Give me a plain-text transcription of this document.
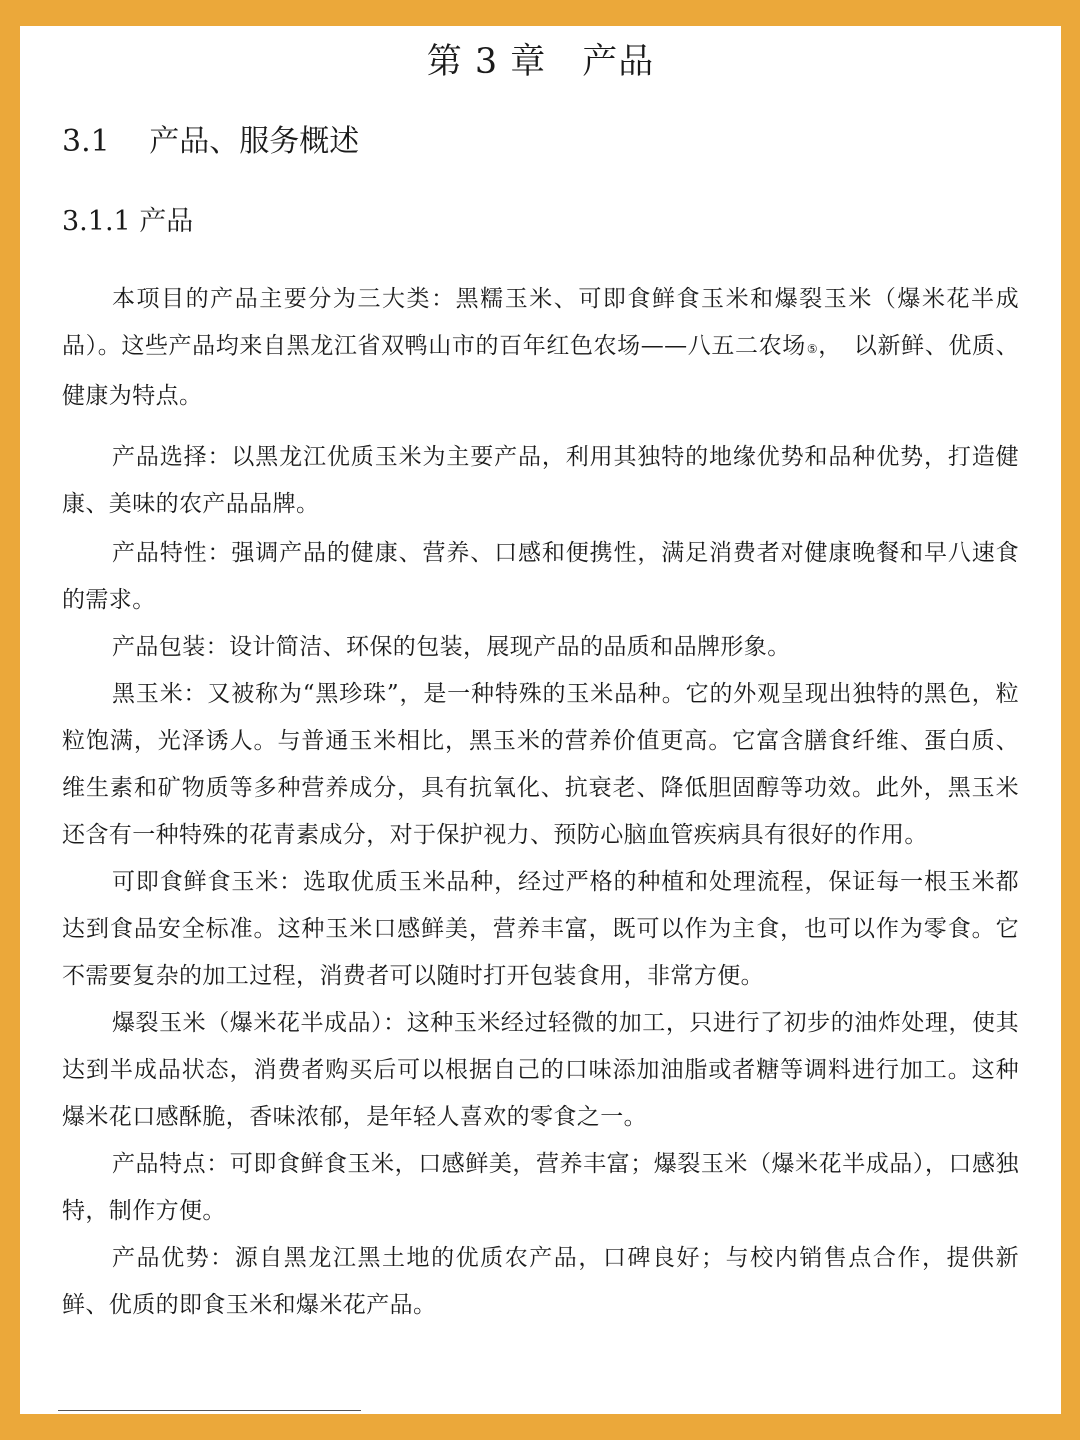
第 3 章　产品
3.1　 产品、服务概述
3.1.1 产品

本项目的产品主要分为三大类：黑糯玉米、可即食鲜食玉米和爆裂玉米（爆米花半成品）。这些产品均来自黑龙江省双鸭山市的百年红色农场——八五二农场⑤，　以新鲜、优质、健康为特点。

产品选择：以黑龙江优质玉米为主要产品，利用其独特的地缘优势和品种优势，打造健康、美味的农产品品牌。

产品特性：强调产品的健康、营养、口感和便携性，满足消费者对健康晚餐和早八速食的需求。

产品包装：设计简洁、环保的包装，展现产品的品质和品牌形象。

黑玉米：又被称为“黑珍珠”，是一种特殊的玉米品种。它的外观呈现出独特的黑色，粒粒饱满，光泽诱人。与普通玉米相比，黑玉米的营养价值更高。它富含膳食纤维、蛋白质、维生素和矿物质等多种营养成分，具有抗氧化、抗衰老、降低胆固醇等功效。此外，黑玉米还含有一种特殊的花青素成分，对于保护视力、预防心脑血管疾病具有很好的作用。

可即食鲜食玉米：选取优质玉米品种，经过严格的种植和处理流程，保证每一根玉米都达到食品安全标准。这种玉米口感鲜美，营养丰富，既可以作为主食，也可以作为零食。它不需要复杂的加工过程，消费者可以随时打开包装食用，非常方便。

爆裂玉米（爆米花半成品）：这种玉米经过轻微的加工，只进行了初步的油炸处理，使其达到半成品状态，消费者购买后可以根据自己的口味添加油脂或者糖等调料进行加工。这种爆米花口感酥脆，香味浓郁，是年轻人喜欢的零食之一。

产品特点：可即食鲜食玉米，口感鲜美，营养丰富；爆裂玉米（爆米花半成品），口感独特，制作方便。

产品优势：源自黑龙江黑土地的优质农产品，口碑良好；与校内销售点合作，提供新鲜、优质的即食玉米和爆米花产品。
